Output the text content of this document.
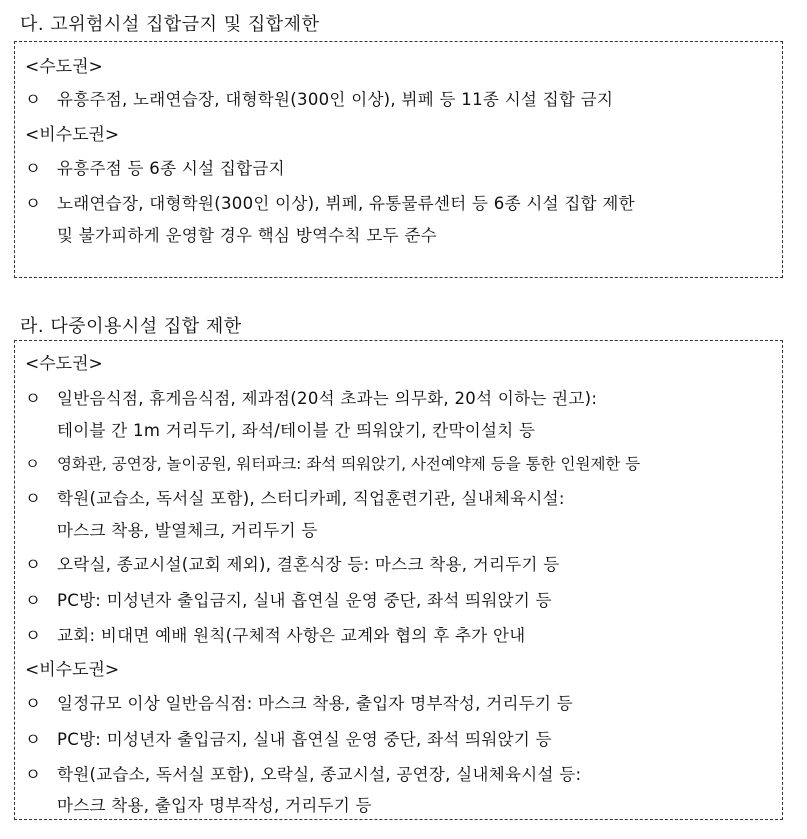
다. 고위험시설 집합금지 및 집합제한
<수도권>
ㅇ 유흥주점, 노래연습장, 대형학원(300인 이상), 뷔페 등 11종 시설 집합 금지
<비수도권>
ㅇ 유흥주점 등 6종 시설 집합금지
ㅇ 노래연습장, 대형학원(300인 이상), 뷔페, 유통물류센터 등 6종 시설 집합 제한
및 불가피하게 운영할 경우 핵심 방역수칙 모두 준수
라. 다중이용시설 집합 제한
<수도권>
ㅇ 일반음식점, 휴게음식점, 제과점(20석 초과는 의무화, 20석 이하는 권고):
테이블 간 1m 거리두기, 좌석/테이블 간 띄워앉기, 칸막이설치 등
ㅇ 영화관, 공연장, 놀이공원, 워터파크: 좌석 띄워앉기, 사전예약제 등을 통한 인원제한 등
ㅇ 학원(교습소, 독서실 포함), 스터디카페, 직업훈련기관, 실내체육시설:
마스크 착용, 발열체크, 거리두기 등
ㅇ 오락실, 종교시설(교회 제외), 결혼식장 등: 마스크 착용, 거리두기 등
ㅇ PC방: 미성년자 출입금지, 실내 흡연실 운영 중단, 좌석 띄워앉기 등
ㅇ 교회: 비대면 예배 원칙(구체적 사항은 교계와 협의 후 추가 안내
<비수도권>
ㅇ 일정규모 이상 일반음식점: 마스크 착용, 출입자 명부작성, 거리두기 등
ㅇ PC방: 미성년자 출입금지, 실내 흡연실 운영 중단, 좌석 띄워앉기 등
ㅇ 학원(교습소, 독서실 포함), 오락실, 종교시설, 공연장, 실내체육시설 등:
마스크 착용, 출입자 명부작성, 거리두기 등
